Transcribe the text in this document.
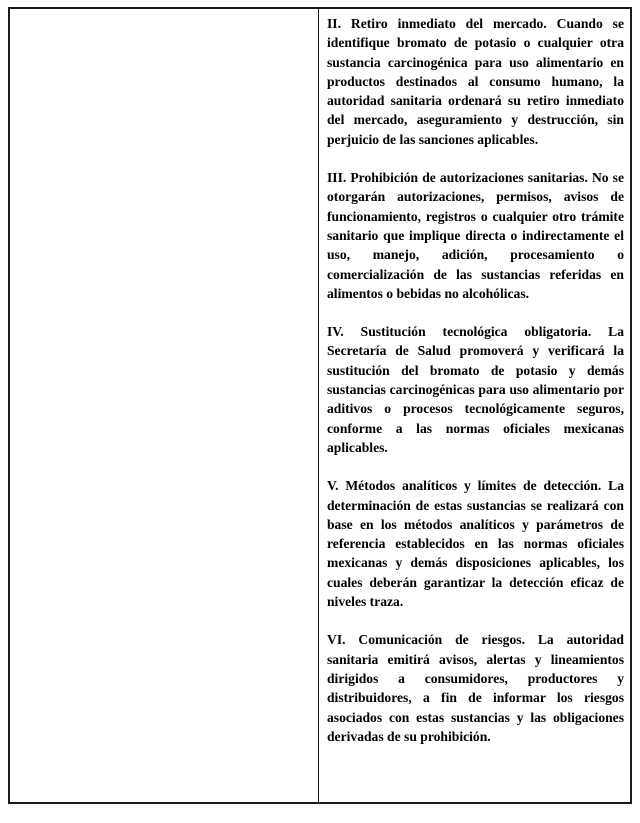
II. Retiro inmediato del mercado. Cuando se identifique bromato de potasio o cualquier otra sustancia carcinogénica para uso alimentario en productos destinados al consumo humano, la autoridad sanitaria ordenará su retiro inmediato del mercado, aseguramiento y destrucción, sin perjuicio de las sanciones aplicables.

III. Prohibición de autorizaciones sanitarias. No se otorgarán autorizaciones, permisos, avisos de funcionamiento, registros o cualquier otro trámite sanitario que implique directa o indirectamente el uso, manejo, adición, procesamiento o comercialización de las sustancias referidas en alimentos o bebidas no alcohólicas.

IV. Sustitución tecnológica obligatoria. La Secretaría de Salud promoverá y verificará la sustitución del bromato de potasio y demás sustancias carcinogénicas para uso alimentario por aditivos o procesos tecnológicamente seguros, conforme a las normas oficiales mexicanas aplicables.

V. Métodos analíticos y límites de detección. La determinación de estas sustancias se realizará con base en los métodos analíticos y parámetros de referencia establecidos en las normas oficiales mexicanas y demás disposiciones aplicables, los cuales deberán garantizar la detección eficaz de niveles traza.

VI. Comunicación de riesgos. La autoridad sanitaria emitirá avisos, alertas y lineamientos dirigidos a consumidores, productores y distribuidores, a fin de informar los riesgos asociados con estas sustancias y las obligaciones derivadas de su prohibición.
